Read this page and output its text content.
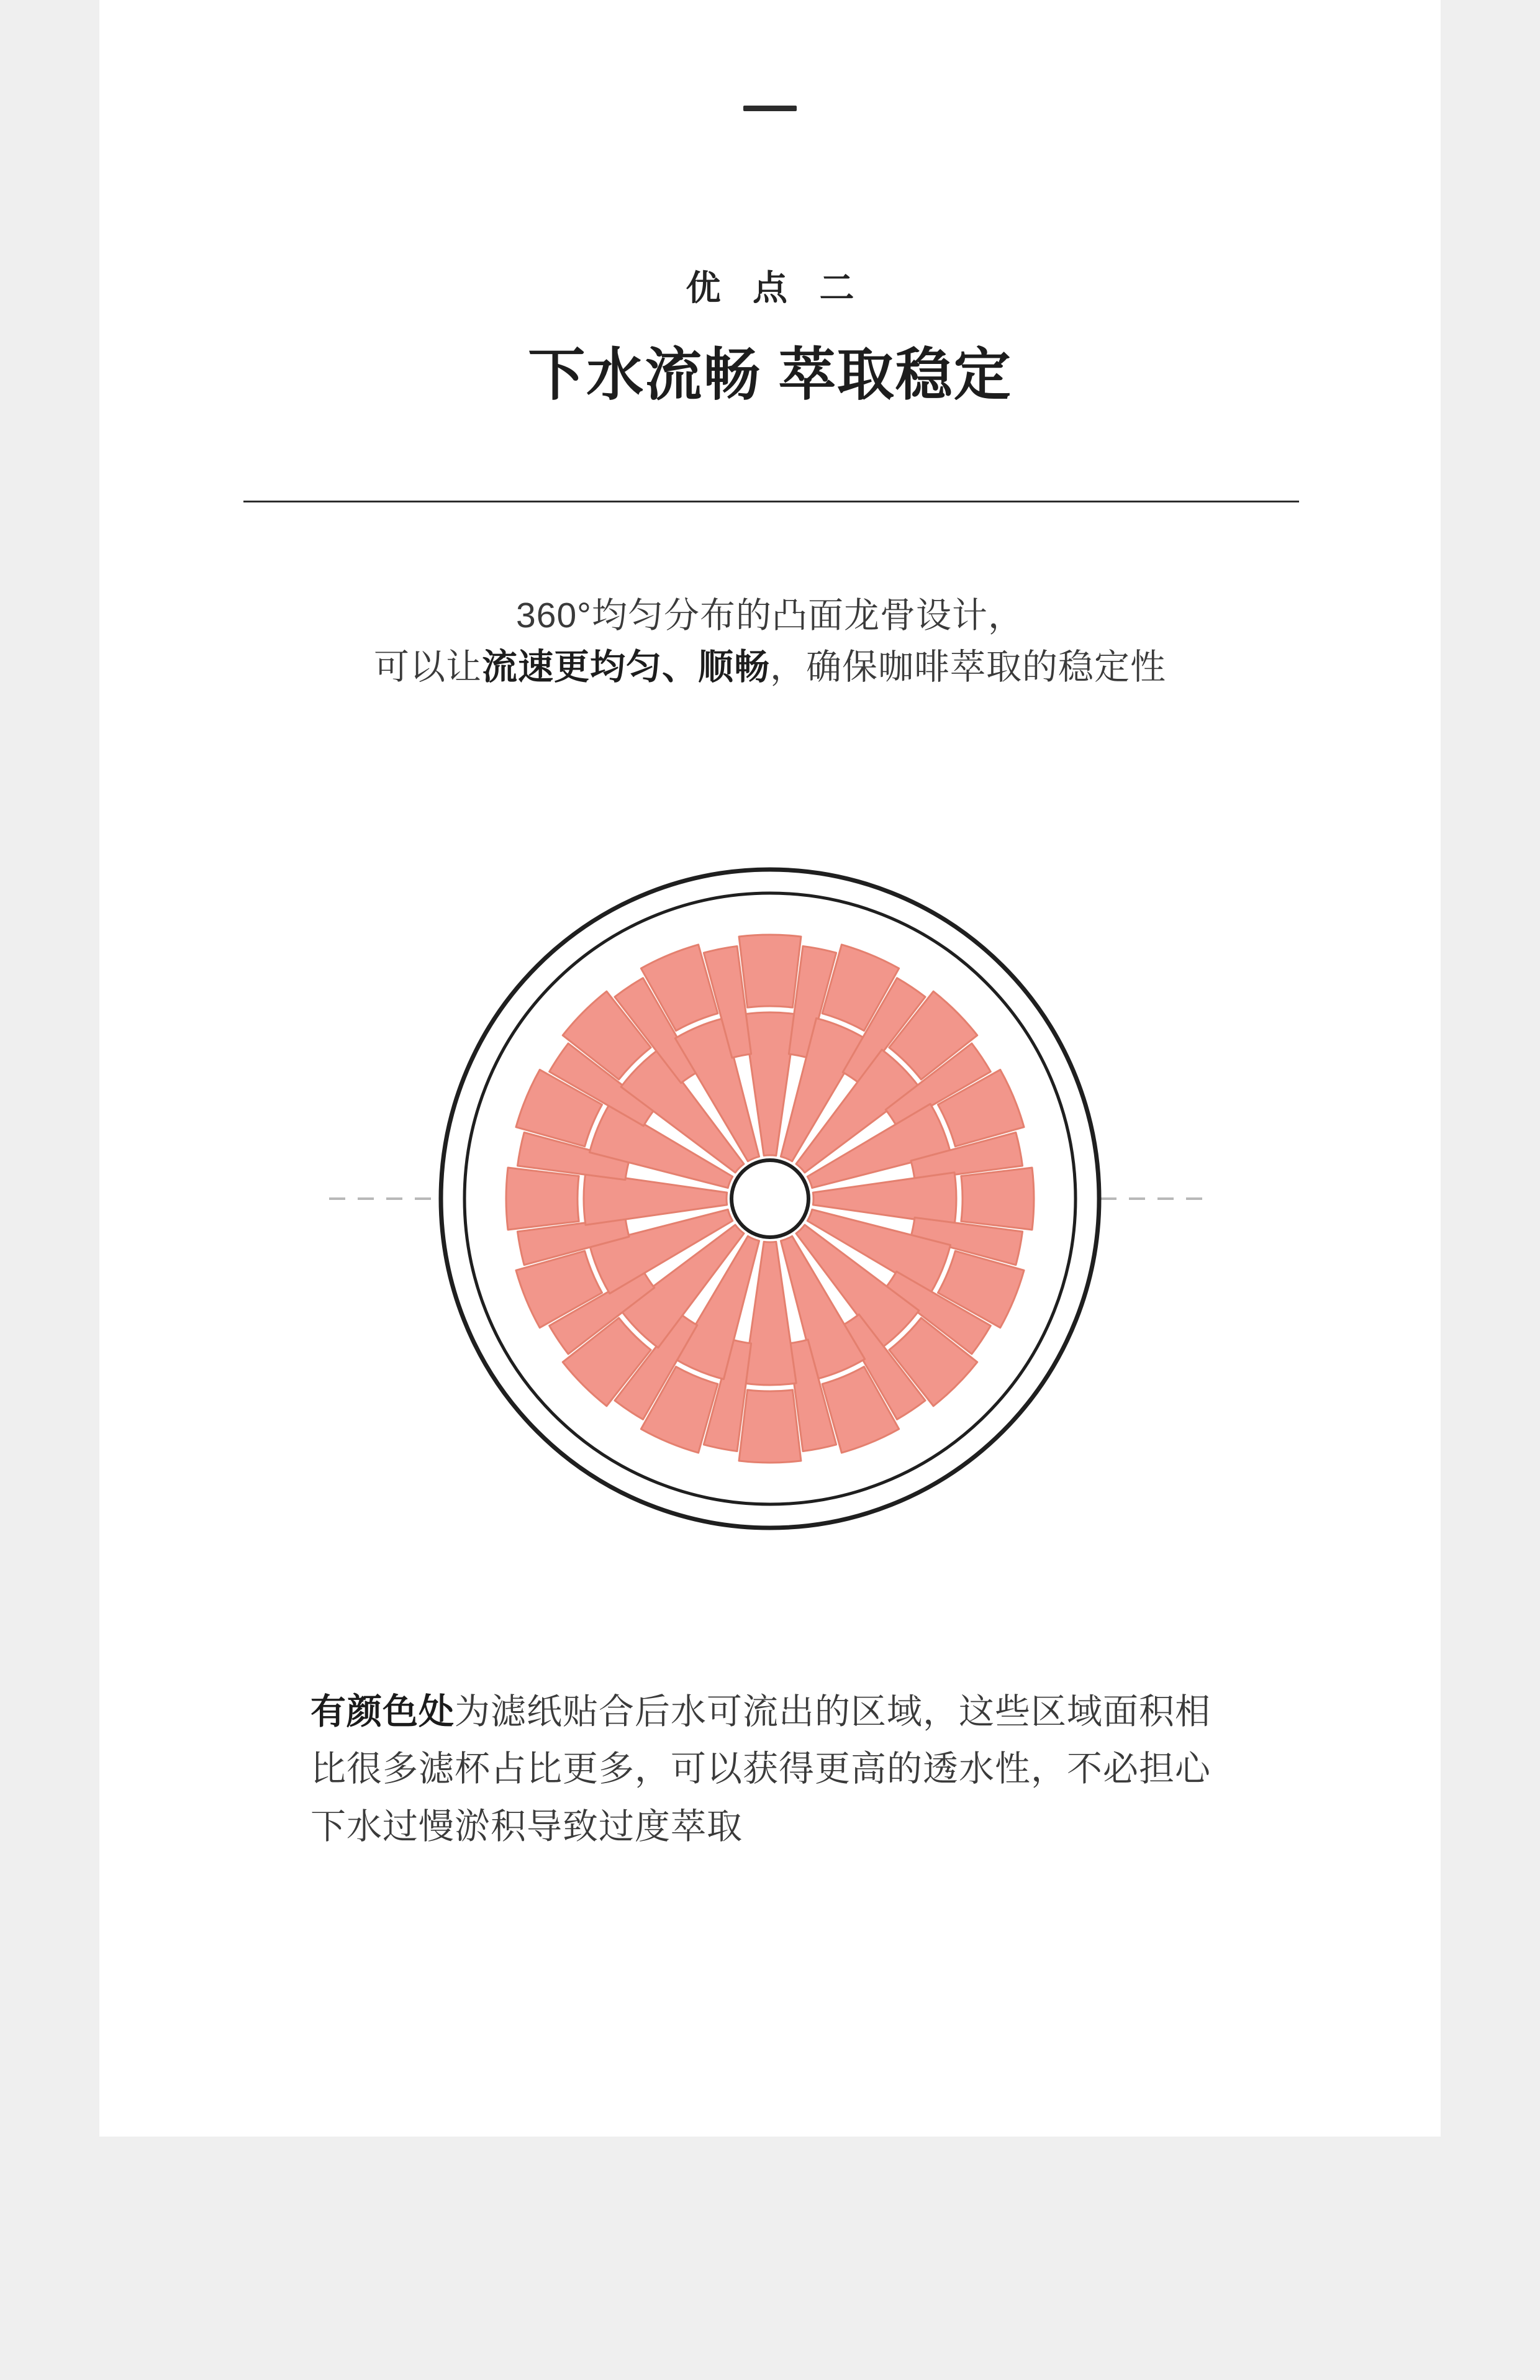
优 点 二
下水流畅 萃取稳定
360°均匀分布的凸面龙骨设计，
可以让流速更均匀、顺畅，确保咖啡萃取的稳定性
有颜色处为滤纸贴合后水可流出的区域，这些区域面积相比很多滤杯占比更多，可以获得更高的透水性，不必担心下水过慢淤积导致过度萃取
